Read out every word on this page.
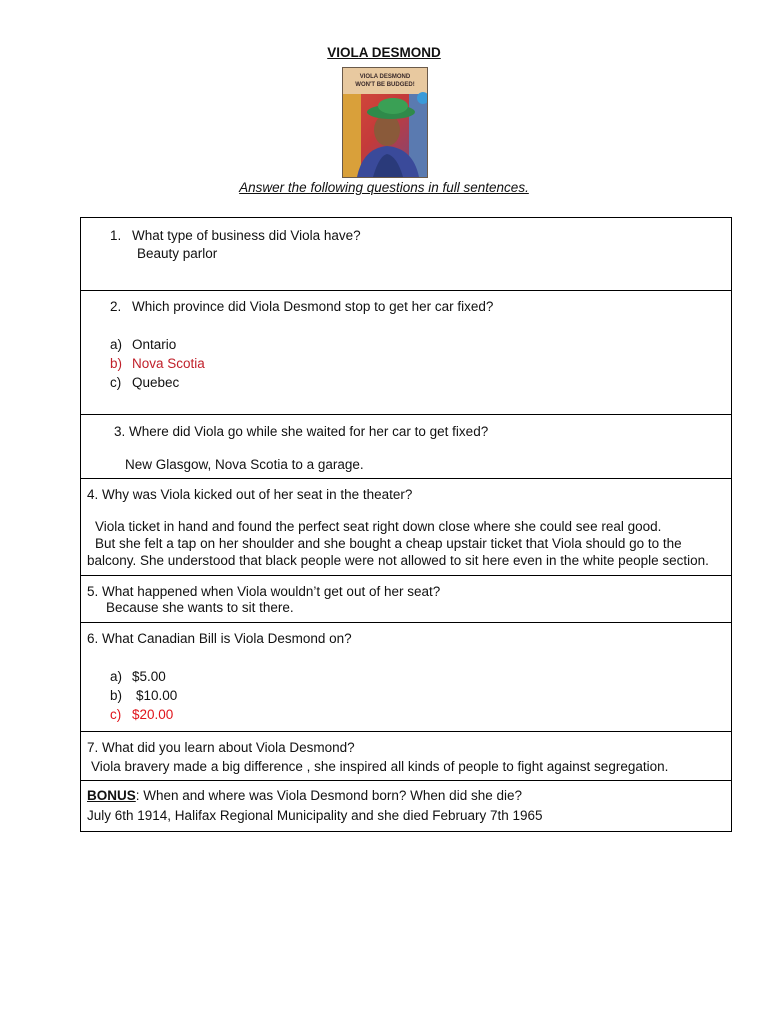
VIOLA DESMOND
VIOLA DESMOND
WON'T BE BUDGED!
Answer the following questions in full sentences.
1. What type of business did Viola have?
Beauty parlor
2. Which province did Viola Desmond stop to get her car fixed?
a) Ontario
b) Nova Scotia
c) Quebec
3. Where did Viola go while she waited for her car to get fixed?
New Glasgow, Nova Scotia to a garage.
4. Why was Viola kicked out of her seat in the theater?
Viola ticket in hand and found the perfect seat right down close where she could see real good.
But she felt a tap on her shoulder and she bought a cheap upstair ticket that Viola should go to the
balcony. She understood that black people were not allowed to sit here even in the white people section.
5. What happened when Viola wouldn’t get out of her seat?
Because she wants to sit there.
6. What Canadian Bill is Viola Desmond on?
a) $5.00
b) $10.00
c) $20.00
7. What did you learn about Viola Desmond?
Viola bravery made a big difference , she inspired all kinds of people to fight against segregation.
BONUS: When and where was Viola Desmond born? When did she die?
July 6th 1914, Halifax Regional Municipality and she died February 7th 1965
